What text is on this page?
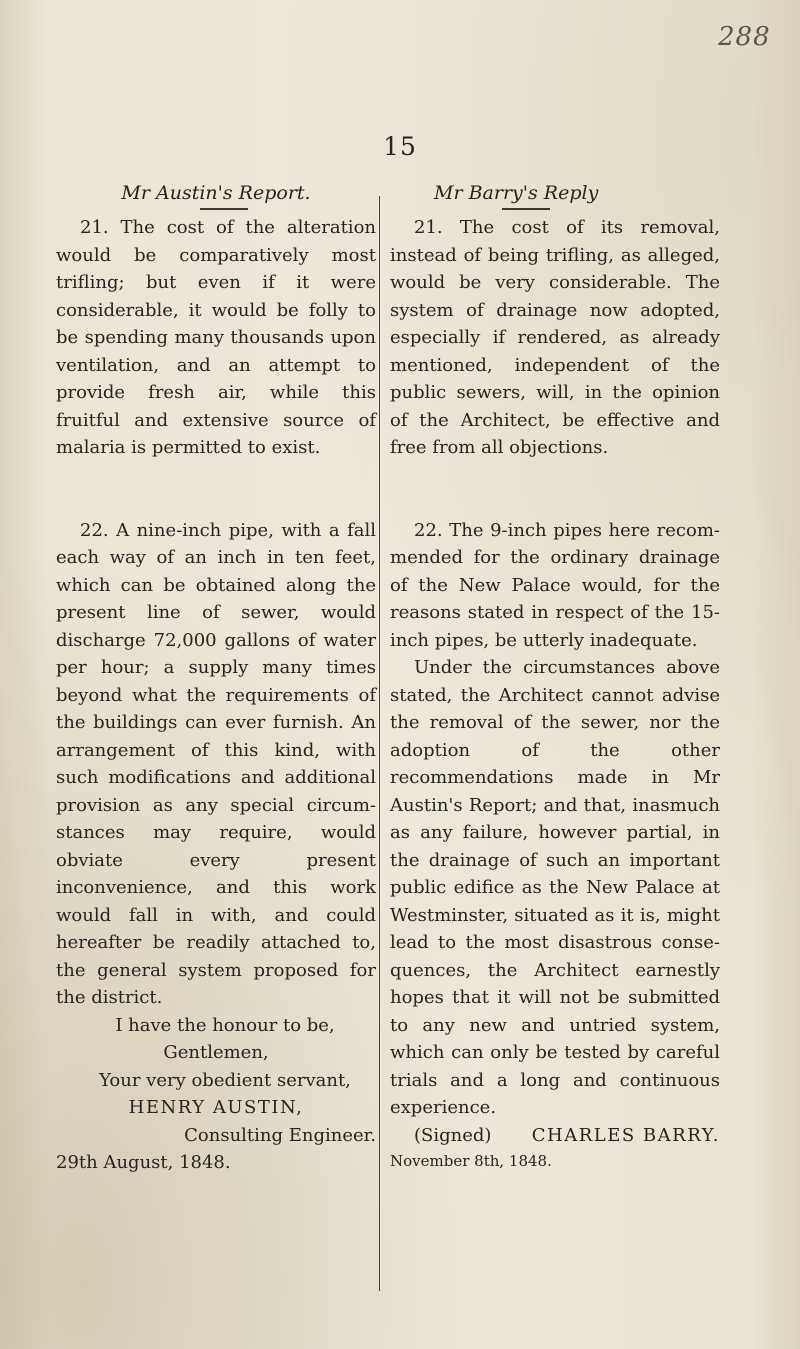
288
15
Mr Austin's Report.

21. The cost of the alteration would be comparatively most trifling; but even if it were considerable, it would be folly to be spending many thousands upon ventilation, and an attempt to provide fresh air, while this fruitful and extensive source of malaria is permitted to exist.

22. A nine-inch pipe, with a fall each way of an inch in ten feet, which can be obtained along the present line of sewer, would discharge 72,000 gallons of water per hour; a supply many times beyond what the requirements of the buildings can ever furnish. An arrangement of this kind, with such modifications and additional provision as any special circumstances may require, would obviate every present inconvenience, and this work would fall in with, and could hereafter be readily attached to, the general system proposed for the district.

I have the honour to be,
Gentlemen,
Your very obedient servant,
HENRY AUSTIN,
Consulting Engineer.
29th August, 1848.
Mr Barry's Reply

21. The cost of its removal, instead of being trifling, as alleged, would be very considerable. The system of drainage now adopted, especially if rendered, as already mentioned, independent of the public sewers, will, in the opinion of the Architect, be effective and free from all objections.

22. The 9-inch pipes here recommended for the ordinary drainage of the New Palace would, for the reasons stated in respect of the 15-inch pipes, be utterly inadequate.

Under the circumstances above stated, the Architect cannot advise the removal of the sewer, nor the adoption of the other recommendations made in Mr Austin's Report; and that, inasmuch as any failure, however partial, in the drainage of such an important public edifice as the New Palace at Westminster, situated as it is, might lead to the most disastrous consequences, the Architect earnestly hopes that it will not be submitted to any new and untried system, which can only be tested by careful trials and a long and continuous experience.

(Signed) CHARLES BARRY.
November 8th, 1848.
